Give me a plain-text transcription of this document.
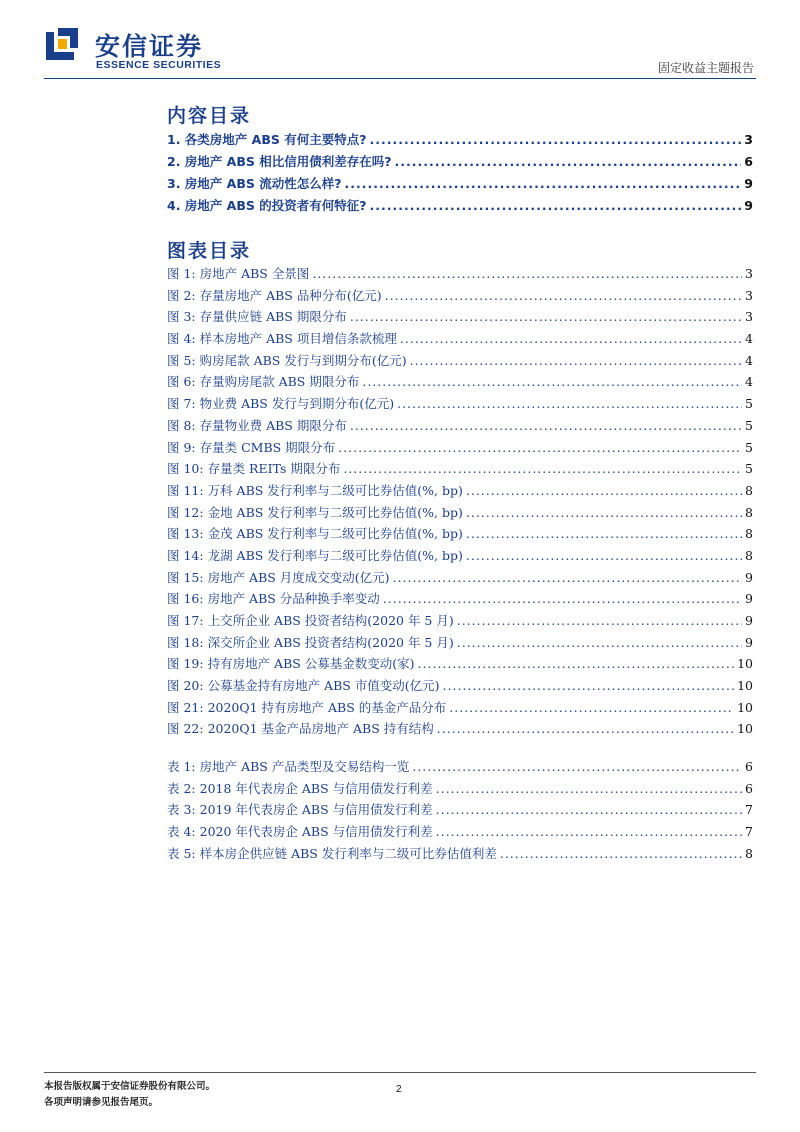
安信证券
ESSENCE SECURITIES	固定收益主题报告
内容目录
1. 各类房地产 ABS 有何主要特点? .....	3
2. 房地产 ABS 相比信用债利差存在吗? .....	6
3. 房地产 ABS 流动性怎么样? .....	9
4. 房地产 ABS 的投资者有何特征? .....	9
图表目录
图 1: 房地产 ABS 全景图 .....	3
图 2: 存量房地产 ABS 品种分布(亿元) .....	3
图 3: 存量供应链 ABS 期限分布 .....	3
图 4: 样本房地产 ABS 项目增信条款梳理 .....	4
图 5: 购房尾款 ABS 发行与到期分布(亿元) .....	4
图 6: 存量购房尾款 ABS 期限分布 .....	4
图 7: 物业费 ABS 发行与到期分布(亿元) .....	5
图 8: 存量物业费 ABS 期限分布 .....	5
图 9: 存量类 CMBS 期限分布 .....	5
图 10: 存量类 REITs 期限分布 .....	5
图 11: 万科 ABS 发行利率与二级可比券估值(%, bp) .....	8
图 12: 金地 ABS 发行利率与二级可比券估值(%, bp) .....	8
图 13: 金茂 ABS 发行利率与二级可比券估值(%, bp) .....	8
图 14: 龙湖 ABS 发行利率与二级可比券估值(%, bp) .....	8
图 15: 房地产 ABS 月度成交变动(亿元) .....	9
图 16: 房地产 ABS 分品种换手率变动 .....	9
图 17: 上交所企业 ABS 投资者结构(2020 年 5 月) .....	9
图 18: 深交所企业 ABS 投资者结构(2020 年 5 月) .....	9
图 19: 持有房地产 ABS 公募基金数变动(家) .....	10
图 20: 公募基金持有房地产 ABS 市值变动(亿元) .....	10
图 21: 2020Q1 持有房地产 ABS 的基金产品分布 .....	10
图 22: 2020Q1 基金产品房地产 ABS 持有结构 .....	10
表 1: 房地产 ABS 产品类型及交易结构一览 .....	6
表 2: 2018 年代表房企 ABS 与信用债发行利差 .....	6
表 3: 2019 年代表房企 ABS 与信用债发行利差 .....	7
表 4: 2020 年代表房企 ABS 与信用债发行利差 .....	7
表 5: 样本房企供应链 ABS 发行利率与二级可比券估值利差 .....	8
本报告版权属于安信证券股份有限公司。
各项声明请参见报告尾页。
2
